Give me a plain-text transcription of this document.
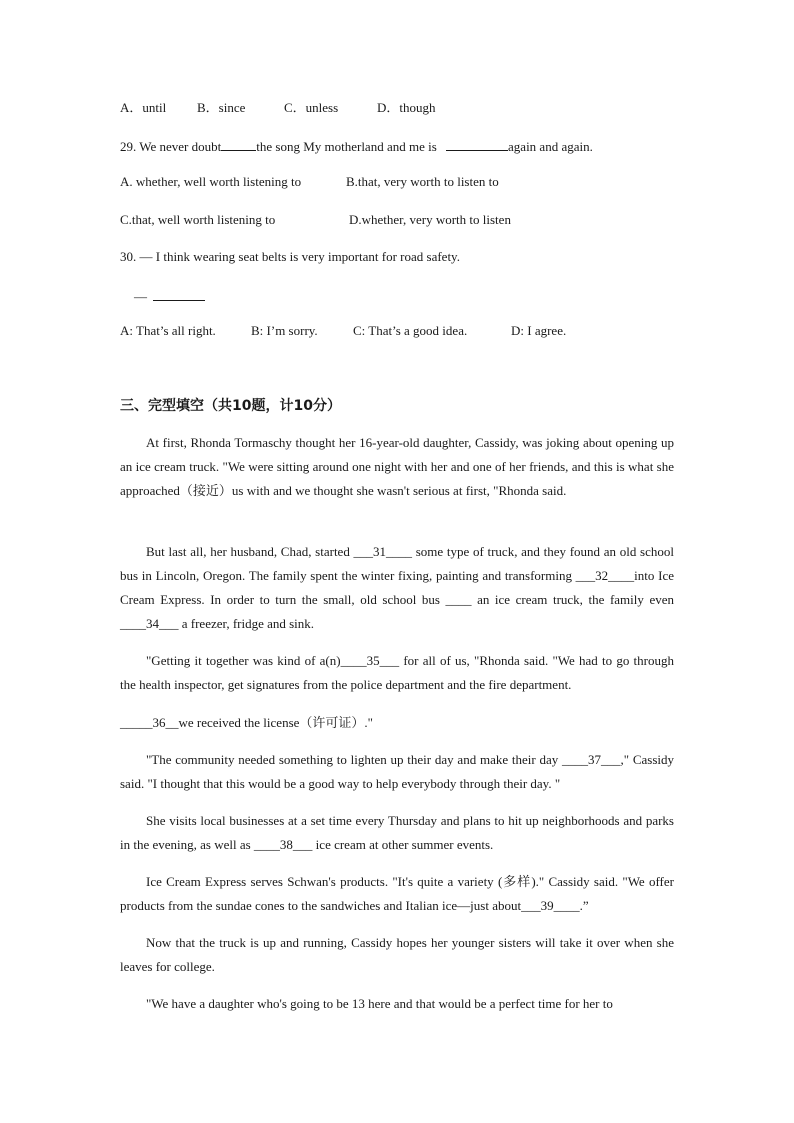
A．until B．since	C．unless	D．though
29. We never doubt	the song My motherland and me is	again and again.
A. whether, well worth listening to	B.that, very worth to listen to
C.that, well worth listening to	D.whether, very worth to listen
30. — I think wearing seat belts is very important for road safety.
—
A: That’s all right.	B: I’m sorry.	C: That’s a good idea.	D: I agree.
三、完型填空（共10题，计10分）

At first, Rhonda Tormaschy thought her 16-year-old daughter, Cassidy, was joking about opening up an ice cream truck. "We were sitting around one night with her and one of her friends, and this is what she approached（接近）us with and we thought she wasn't serious at first, "Rhonda said.

But last all, her husband, Chad, started ___31____ some type of truck, and they found an old school bus in Lincoln, Oregon. The family spent the winter fixing, painting and transforming ___32____into Ice Cream Express. In order to turn the small, old school bus ____ an ice cream truck, the family even ____34___ a freezer, fridge and sink.

"Getting it together was kind of a(n)____35___ for all of us, "Rhonda said. "We had to go through the health inspector, get signatures from the police department and the fire department.

_____36__we received the license（许可证）."

"The community needed something to lighten up their day and make their day ____37___," Cassidy said. "I thought that this would be a good way to help everybody through their day. "

She visits local businesses at a set time every Thursday and plans to hit up neighborhoods and parks in the evening, as well as ____38___ ice cream at other summer events.

Ice Cream Express serves Schwan's products. "It's quite a variety (多样)." Cassidy said. "We offer products from the sundae cones to the sandwiches and Italian ice—just about___39____.”

Now that the truck is up and running, Cassidy hopes her younger sisters will take it over when she leaves for college.

"We have a daughter who's going to be 13 here and that would be a perfect time for her to
